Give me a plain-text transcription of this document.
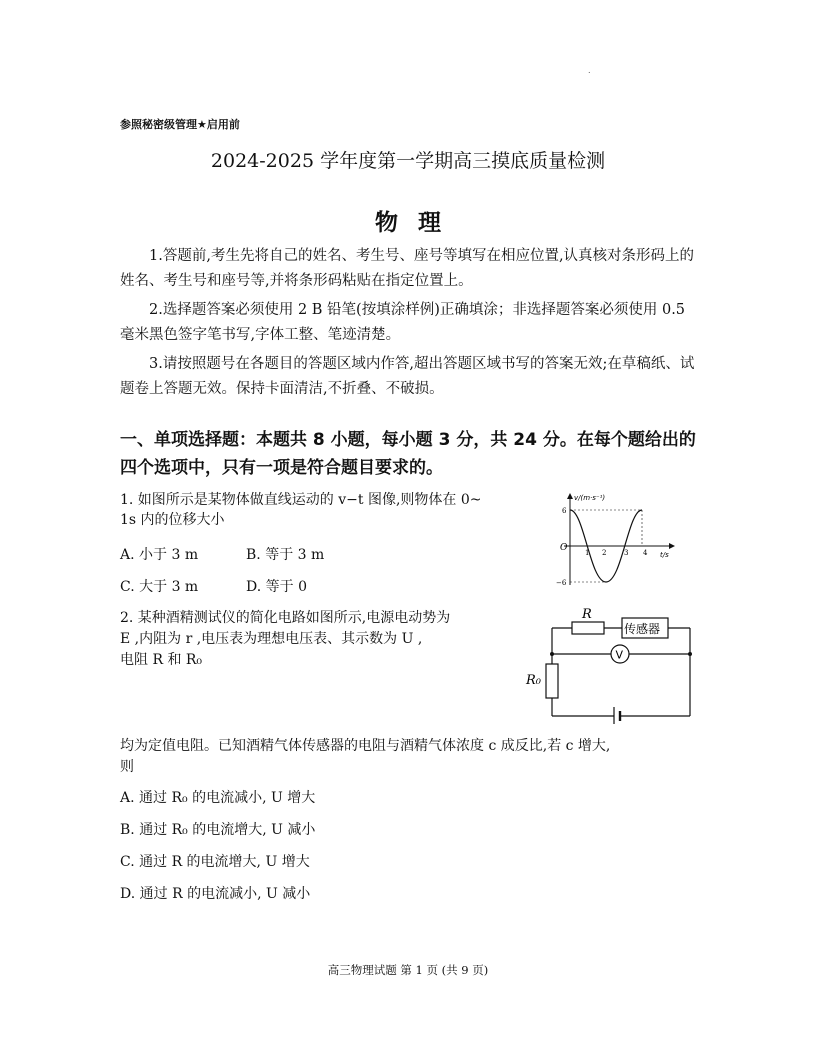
.
参照秘密级管理★启用前
2024-2025 学年度第一学期高三摸底质量检测
物理
1.答题前,考生先将自己的姓名、考生号、座号等填写在相应位置,认真核对条形码上的姓名、考生号和座号等,并将条形码粘贴在指定位置上。
2.选择题答案必须使用 2 B 铅笔(按填涂样例)正确填涂；非选择题答案必须使用 0.5 毫米黑色签字笔书写,字体工整、笔迹清楚。
3.请按照题号在各题目的答题区域内作答,超出答题区域书写的答案无效;在草稿纸、试题卷上答题无效。保持卡面清洁,不折叠、不破损。
一、单项选择题：本题共 8 小题，每小题 3 分，共 24 分。在每个题给出的四个选项中，只有一项是符合题目要求的。
1. 如图所示是某物体做直线运动的 v−t 图像,则物体在 0~
1s 内的位移大小
A. 小于 3 m	B. 等于 3 m
C. 大于 3 m	D. 等于 0
v/(m·s⁻¹)
t/s
O
6
−6
1 2	3 4
2. 某种酒精测试仪的简化电路如图所示,电源电动势为
E ,内阻为 r ,电压表为理想电压表、其示数为 U ,
电阻 R 和 R₀
均为定值电阻。已知酒精气体传感器的电阻与酒精气体浓度 c 成反比,若 c 增大,
则
R
传感器
V
R₀
A. 通过 R₀ 的电流减小, U 增大
B. 通过 R₀ 的电流增大, U 减小
C. 通过 R 的电流增大, U 增大
D. 通过 R 的电流减小, U 减小
高三物理试题 第 1 页 (共 9 页)
